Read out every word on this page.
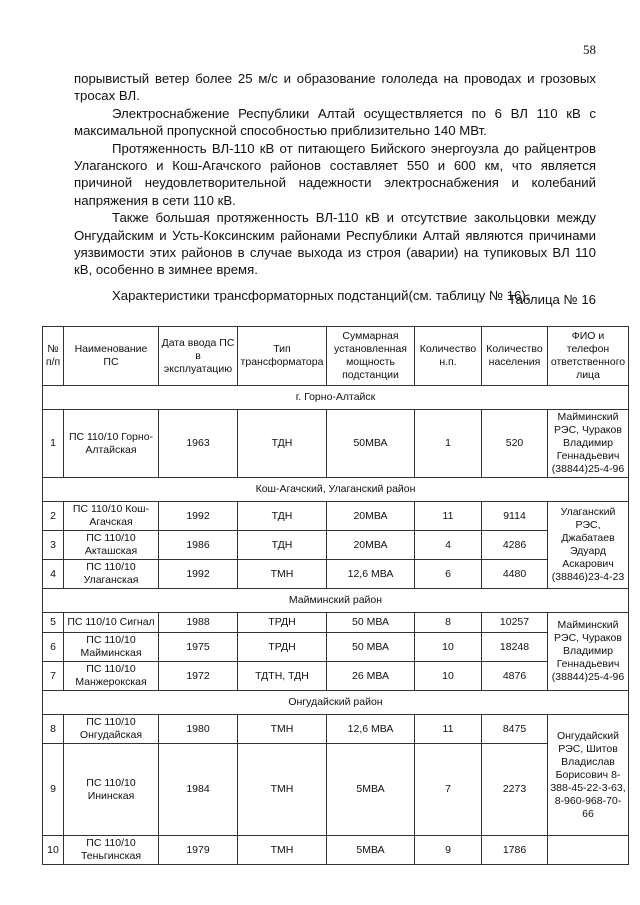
58

порывистый ветер более 25 м/с и образование гололеда на проводах и грозовых тросах ВЛ.

Электроснабжение Республики Алтай осуществляется по 6 ВЛ 110 кВ с максимальной пропускной способностью приблизительно 140 МВт.

Протяженность ВЛ-110 кВ от питающего Бийского энергоузла до райцентров Улаганского и Кош-Агачского районов составляет 550 и 600 км, что является причиной неудовлетворительной надежности электроснабжения и колебаний напряжения в сети 110 кВ.

Также большая протяженность ВЛ-110 кВ и отсутствие закольцовки между Онгудайским и Усть-Коксинским районами Республики Алтай являются причинами уязвимости этих районов в случае выхода из строя (аварии) на тупиковых ВЛ 110 кВ, особенно в зимнее время.

Характеристики трансформаторных подстанций(см. таблицу № 16).

Таблица № 16
№ п/п	Наименование ПС	Дата ввода ПС в эксплуатацию	Тип трансформатора	Суммарная установленная мощность подстанции	Количество н.п.	Количество населения	ФИО и телефон ответственного лица
г. Горно-Алтайск							
1	ПС 110/10 Горно-Алтайская	1963	ТДН	50МВА	1	520	Майминский РЭС, Чураков Владимир Геннадьевич (38844)25-4-96
Кош-Агачский, Улаганский район							
2	ПС 110/10 Кош-Агачская	1992	ТДН	20МВА	11	9114	Улаганский РЭС, Джабатаев Эдуард Аскарович (38846)23-4-23
3	ПС 110/10 Акташская	1986	ТДН	20МВА	4	4286	
4	ПС 110/10 Улаганская	1992	ТМН	12,6 МВА	6	4480	
Майминский район							
5	ПС 110/10 Сигнал	1988	ТРДН	50 МВА	8	10257	Майминский РЭС, Чураков Владимир Геннадьевич (38844)25-4-96
6	ПС 110/10 Майминская	1975	ТРДН	50 МВА	10	18248	
7	ПС 110/10 Манжерокская	1972	ТДТН, ТДН	26 МВА	10	4876	
Онгудайский район							
8	ПС 110/10 Онгудайская	1980	ТМН	12,6 МВА	11	8475	Онгудайский РЭС, Шитов Владислав Борисович 8-388-45-22-3-63, 8-960-968-70-66
9	ПС 110/10 Ининская	1984	ТМН	5МВА	7	2273	
10	ПС 110/10 Теньгинская	1979	ТМН	5МВА	9	1786	
